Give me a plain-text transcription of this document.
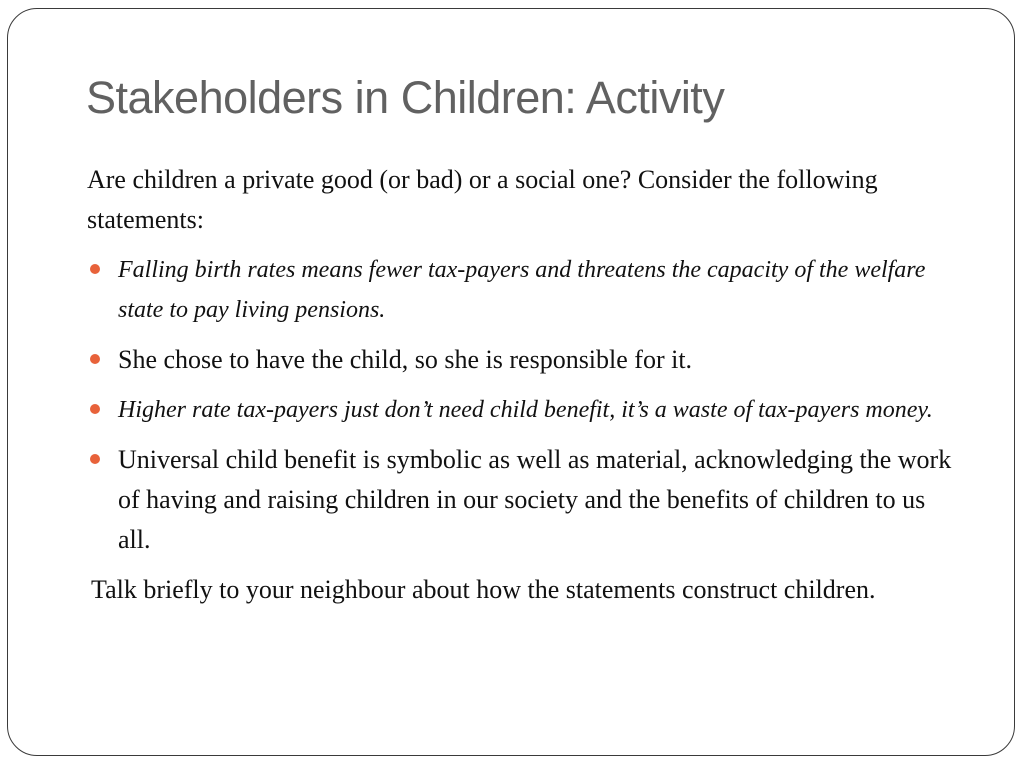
Stakeholders in Children: Activity

Are children a private good (or bad) or a social one? Consider the following statements:

Falling birth rates means fewer tax-payers and threatens the capacity of the welfare state to pay living pensions.
She chose to have the child, so she is responsible for it.
Higher rate tax-payers just don’t need child benefit, it’s a waste of tax-payers money.
Universal child benefit is symbolic as well as material, acknowledging the work of having and raising children in our society and the benefits of children to us all.

Talk briefly to your neighbour about how the statements construct children.
